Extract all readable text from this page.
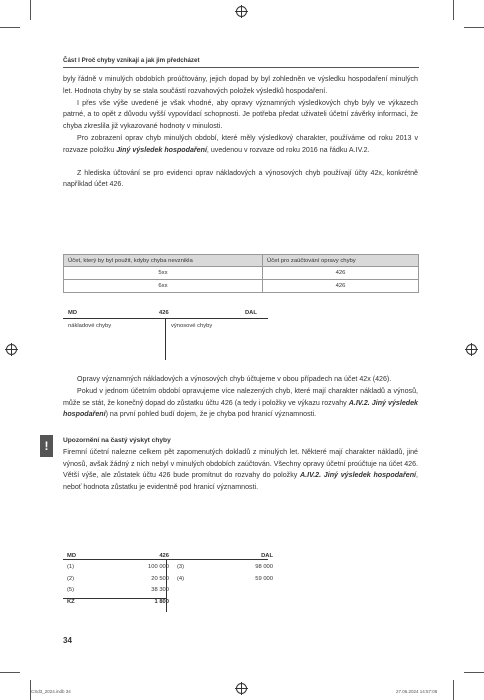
Část I Proč chyby vznikají a jak jim předcházet

byly řádně v minulých obdobích proúčtovány, jejich dopad by byl zohledněn ve výsledku hospodaření minulých let. Hodnota chyby by se stala součástí rozvahových položek výsledků hospodaření.

I přes vše výše uvedené je však vhodné, aby opravy významných výsledkových chyb byly ve výkazech patrné, a to opět z důvodu vyšší vypovídací schopnosti. Je potřeba předat uživateli účetní závěrky informaci, že chyba zkreslila již vykazované hodnoty v minulosti.

Pro zobrazení oprav chyb minulých období, které měly výsledkový charakter, používáme od roku 2013 v rozvaze položku Jiný výsledek hospodaření, uvedenou v rozvaze od roku 2016 na řádku A.IV.2.

Z hlediska účtování se pro evidenci oprav nákladových a výnosových chyb používají účty 42x, konkrétně například účet 426.

Účet, který by byl použit, kdyby chyba nevznikla	Účet pro zaúčtování opravy chyby
5xx	426
6xx	426
MD	426	DAL
nákladové chyby	výnosové chyby

Opravy významných nákladových a výnosových chyb účtujeme v obou případech na účet 42x (426).

Pokud v jednom účetním období opravujeme více nalezených chyb, které mají charakter nákladů a výnosů, může se stát, že konečný dopad do zůstatku účtu 426 (a tedy i položky ve výkazu rozvahy A.IV.2. Jiný výsledek hospodaření) na první pohled budí dojem, že je chyba pod hranicí významnosti.

!	Upozornění na častý výskyt chyby

Firemní účetní nalezne celkem pět zapomenutých dokladů z minulých let. Některé mají charakter nákladů, jiné výnosů, avšak žádný z nich nebyl v minulých obdobích zaúčtován. Všechny opravy účetní proúčtuje na účet 426. Větší výše, ale zůstatek účtu 426 bude promítnut do rozvahy do položky A.IV.2. Jiný výsledek hospodaření, neboť hodnota zůstatku je evidentně pod hranicí významnosti.

MD	426		DAL
(1)	100 000	(3)	98 000
(2)	20 500	(4)	59 000
(5)	38 300		
KZ	1 800		
34
CSd3_2024.indb 34	27.06.2024 14:57:08
